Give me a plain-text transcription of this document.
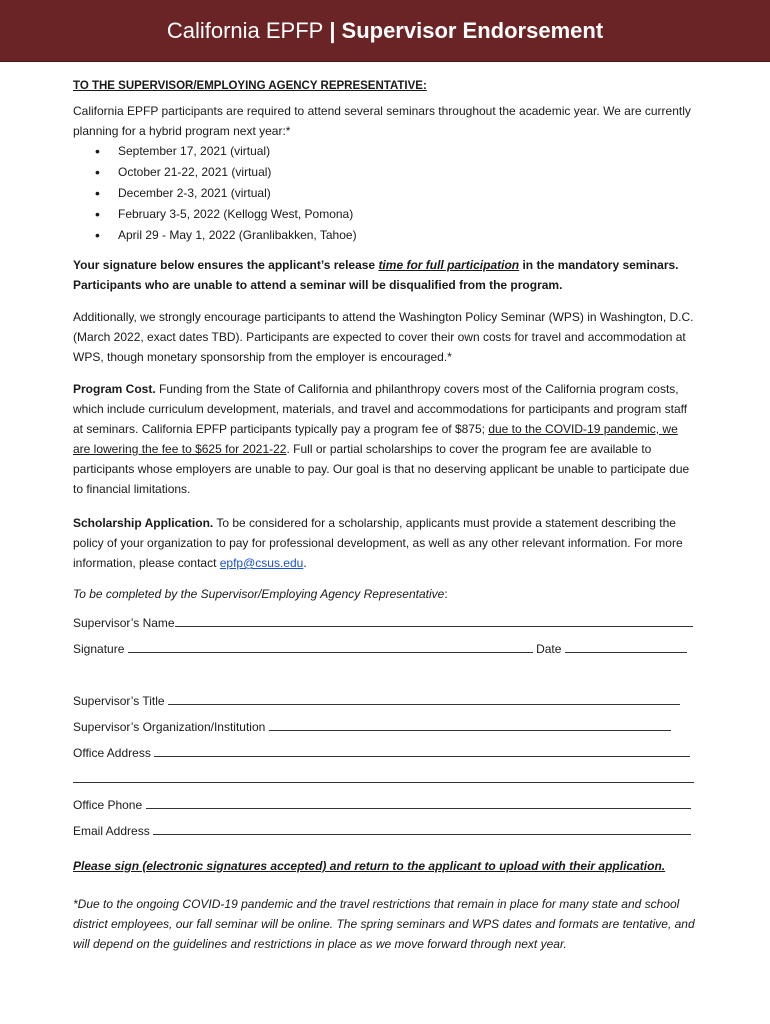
California EPFP | Supervisor Endorsement
TO THE SUPERVISOR/EMPLOYING AGENCY REPRESENTATIVE:

California EPFP participants are required to attend several seminars throughout the academic year. We are currently planning for a hybrid program next year:*

• September 17, 2021 (virtual)
• October 21-22, 2021 (virtual)
• December 2-3, 2021 (virtual)
• February 3-5, 2022 (Kellogg West, Pomona)
• April 29 - May 1, 2022 (Granlibakken, Tahoe)

Your signature below ensures the applicant’s release time for full participation in the mandatory seminars. Participants who are unable to attend a seminar will be disqualified from the program.

Additionally, we strongly encourage participants to attend the Washington Policy Seminar (WPS) in Washington, D.C. (March 2022, exact dates TBD). Participants are expected to cover their own costs for travel and accommodation at WPS, though monetary sponsorship from the employer is encouraged.*

Program Cost. Funding from the State of California and philanthropy covers most of the California program costs, which include curriculum development, materials, and travel and accommodations for participants and program staff at seminars. California EPFP participants typically pay a program fee of $875; due to the COVID-19 pandemic, we are lowering the fee to $625 for 2021-22. Full or partial scholarships to cover the program fee are available to participants whose employers are unable to pay. Our goal is that no deserving applicant be unable to participate due to financial limitations.

Scholarship Application. To be considered for a scholarship, applicants must provide a statement describing the policy of your organization to pay for professional development, as well as any other relevant information. For more information, please contact epfp@csus.edu.

To be completed by the Supervisor/Employing Agency Representative:

Supervisor’s Name
Signature	Date
Supervisor’s Title
Supervisor’s Organization/Institution
Office Address
Office Phone
Email Address

Please sign (electronic signatures accepted) and return to the applicant to upload with their application.

*Due to the ongoing COVID-19 pandemic and the travel restrictions that remain in place for many state and school district employees, our fall seminar will be online. The spring seminars and WPS dates and formats are tentative, and will depend on the guidelines and restrictions in place as we move forward through next year.
